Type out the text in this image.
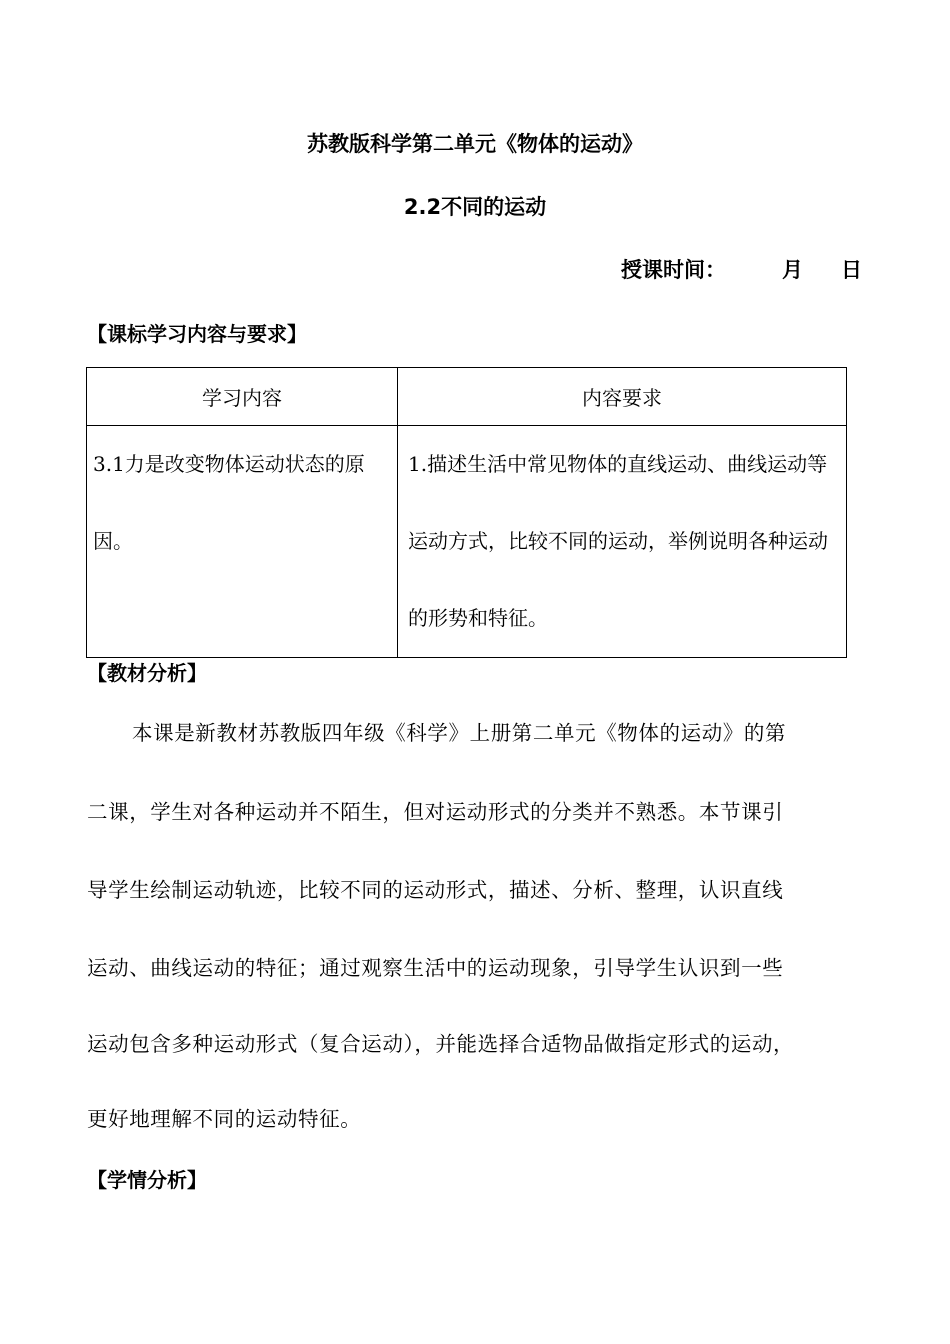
苏教版科学第二单元《物体的运动》
2.2不同的运动
授课时间：	月 日
【课标学习内容与要求】
学习内容	内容要求

3.1力是改变物体运动状态的原因。	1.描述生活中常见物体的直线运动、曲线运动等运动方式，比较不同的运动，举例说明各种运动的形势和特征。
【教材分析】
本课是新教材苏教版四年级《科学》上册第二单元《物体的运动》的第
二课，学生对各种运动并不陌生，但对运动形式的分类并不熟悉。本节课引
导学生绘制运动轨迹，比较不同的运动形式，描述、分析、整理，认识直线
运动、曲线运动的特征；通过观察生活中的运动现象，引导学生认识到一些
运动包含多种运动形式（复合运动），并能选择合适物品做指定形式的运动，
更好地理解不同的运动特征。
【学情分析】
